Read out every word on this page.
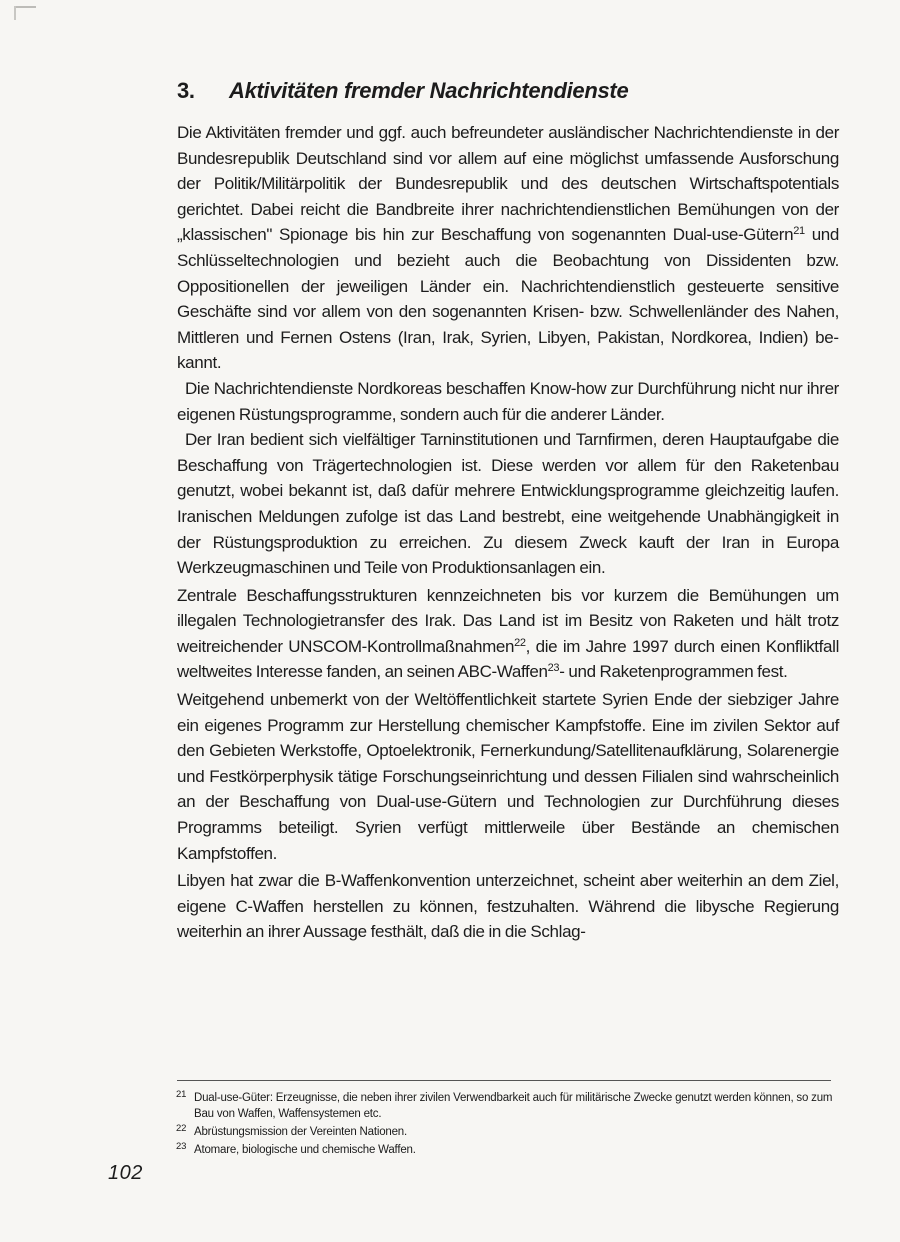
3.	Aktivitäten fremder Nachrichtendienste

Die Aktivitäten fremder und ggf. auch befreundeter ausländischer Nachrichtendienste in der Bundesrepublik Deutschland sind vor allem auf eine möglichst umfassende Ausforschung der Politik/Militärpolitik der Bundesrepublik und des deutschen Wirtschaftspotentials gerichtet. Dabei reicht die Bandbreite ihrer nachrichtendienstlichen Bemühungen von der „klassischen" Spionage bis hin zur Beschaffung von sogenannten Dual-use-Gütern$^{21}$ und Schlüsseltechnologien und bezieht auch die Beobachtung von Dissidenten bzw. Oppositionellen der jeweiligen Länder ein. Nachrichtendienstlich gesteuerte sensitive Geschäfte sind vor allem von den sogenannten Krisen- bzw. Schwellenländer des Nahen, Mittleren und Fernen Ostens (Iran, Irak, Syrien, Libyen, Pakistan, Nordkorea, Indien) bekannt.

Die Nachrichtendienste Nordkoreas beschaffen Know-how zur Durchführung nicht nur ihrer eigenen Rüstungsprogramme, sondern auch für die anderer Länder.

Der Iran bedient sich vielfältiger Tarninstitutionen und Tarnfirmen, deren Hauptaufgabe die Beschaffung von Trägertechnologien ist. Diese werden vor allem für den Raketenbau genutzt, wobei bekannt ist, daß dafür mehrere Entwicklungsprogramme gleichzeitig laufen. Iranischen Meldungen zufolge ist das Land bestrebt, eine weitgehende Unabhängigkeit in der Rüstungsproduktion zu erreichen. Zu diesem Zweck kauft der Iran in Europa Werkzeugmaschinen und Teile von Produktionsanlagen ein.

Zentrale Beschaffungsstrukturen kennzeichneten bis vor kurzem die Bemühungen um illegalen Technologietransfer des Irak. Das Land ist im Besitz von Raketen und hält trotz weitreichender UNSCOM-Kontrollmaßnahmen$^{22}$, die im Jahre 1997 durch einen Konfliktfall weltweites Interesse fanden, an seinen ABC-Waffen$^{23}$- und Raketenprogrammen fest.

Weitgehend unbemerkt von der Weltöffentlichkeit startete Syrien Ende der siebziger Jahre ein eigenes Programm zur Herstellung chemischer Kampfstoffe. Eine im zivilen Sektor auf den Gebieten Werkstoffe, Optoelektronik, Fernerkundung/Satellitenaufklärung, Solarenergie und Festkörperphysik tätige Forschungseinrichtung und dessen Filialen sind wahrscheinlich an der Beschaffung von Dual-use-Gütern und Technologien zur Durchführung dieses Programms beteiligt. Syrien verfügt mittlerweile über Bestände an chemischen Kampfstoffen.

Libyen hat zwar die B-Waffenkonvention unterzeichnet, scheint aber weiterhin an dem Ziel, eigene C-Waffen herstellen zu können, festzuhalten. Während die libysche Regierung weiterhin an ihrer Aussage festhält, daß die in die Schlag-

21 Dual-use-Güter: Erzeugnisse, die neben ihrer zivilen Verwendbarkeit auch für militärische Zwecke genutzt werden können, so zum Bau von Waffen, Waffensystemen etc.
22 Abrüstungsmission der Vereinten Nationen.
23 Atomare, biologische und chemische Waffen.
102
